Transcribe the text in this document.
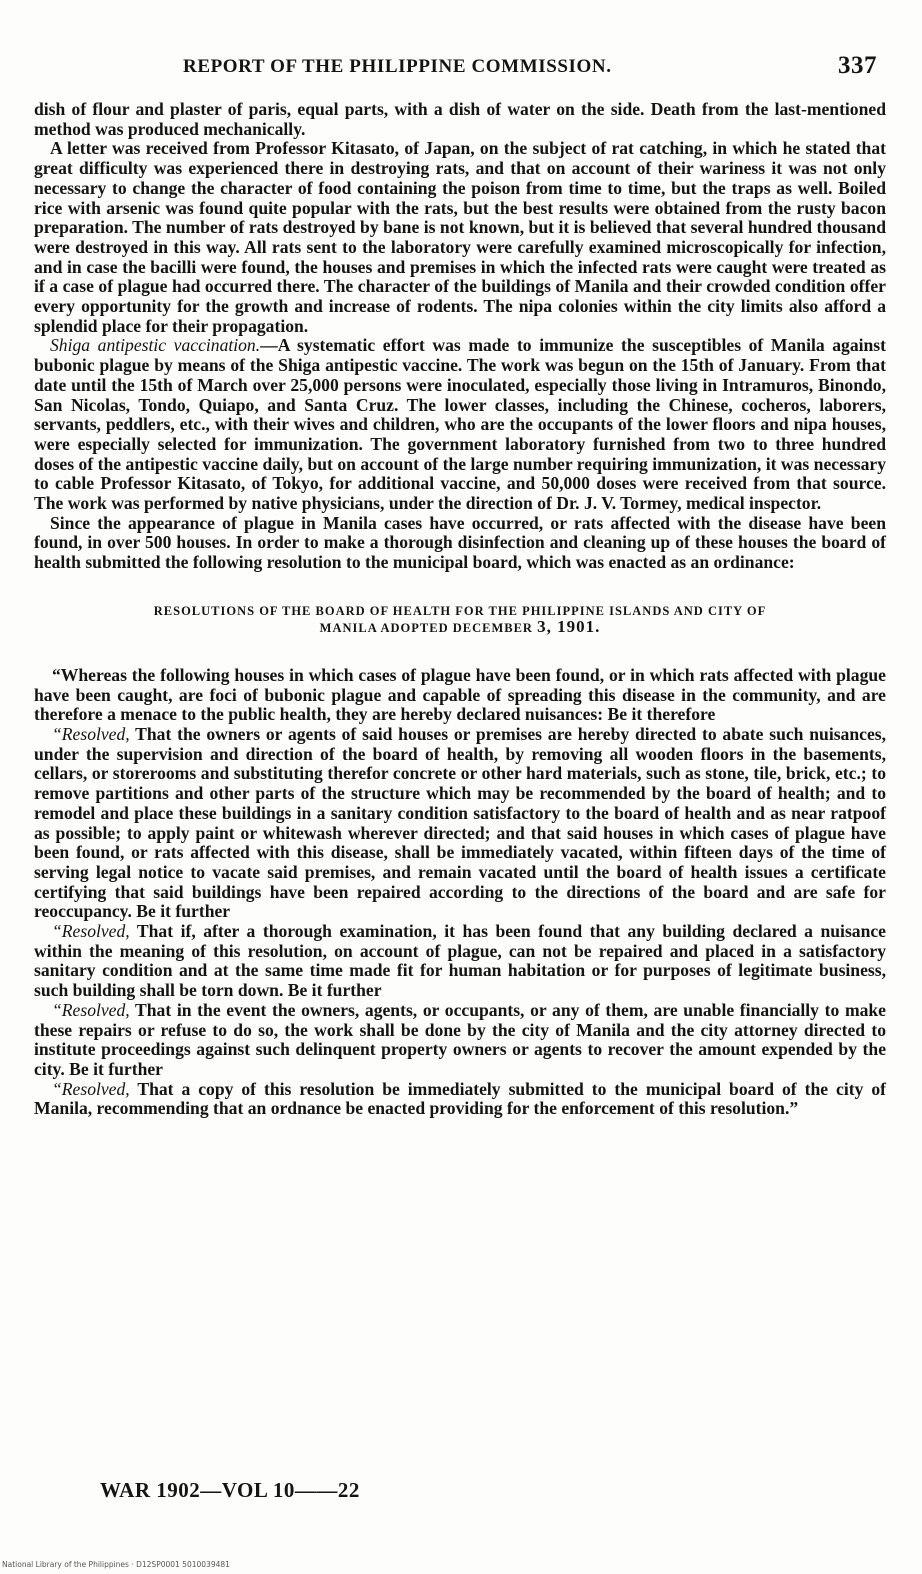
REPORT OF THE PHILIPPINE COMMISSION.	337

dish of flour and plaster of paris, equal parts, with a dish of water on the side. Death from the last-mentioned method was produced mechanically.

A letter was received from Professor Kitasato, of Japan, on the subject of rat catching, in which he stated that great difficulty was experienced there in destroying rats, and that on account of their wariness it was not only necessary to change the character of food containing the poison from time to time, but the traps as well. Boiled rice with arsenic was found quite popular with the rats, but the best results were obtained from the rusty bacon preparation. The number of rats destroyed by bane is not known, but it is believed that several hundred thousand were destroyed in this way. All rats sent to the laboratory were carefully examined microscopically for infection, and in case the bacilli were found, the houses and premises in which the infected rats were caught were treated as if a case of plague had occurred there. The character of the buildings of Manila and their crowded condition offer every opportunity for the growth and increase of rodents. The nipa colonies within the city limits also afford a splendid place for their propagation.

Shiga antipestic vaccination.—A systematic effort was made to immunize the susceptibles of Manila against bubonic plague by means of the Shiga antipestic vaccine. The work was begun on the 15th of January. From that date until the 15th of March over 25,000 persons were inoculated, especially those living in Intramuros, Binondo, San Nicolas, Tondo, Quiapo, and Santa Cruz. The lower classes, including the Chinese, cocheros, laborers, servants, peddlers, etc., with their wives and children, who are the occupants of the lower floors and nipa houses, were especially selected for immunization. The government laboratory furnished from two to three hundred doses of the antipestic vaccine daily, but on account of the large number requiring immunization, it was necessary to cable Professor Kitasato, of Tokyo, for additional vaccine, and 50,000 doses were received from that source. The work was performed by native physicians, under the direction of Dr. J. V. Tormey, medical inspector.

Since the appearance of plague in Manila cases have occurred, or rats affected with the disease have been found, in over 500 houses. In order to make a thorough disinfection and cleaning up of these houses the board of health submitted the following resolution to the municipal board, which was enacted as an ordinance:

RESOLUTIONS OF THE BOARD OF HEALTH FOR THE PHILIPPINE ISLANDS AND CITY OF
MANILA ADOPTED DECEMBER 3, 1901.

“Whereas the following houses in which cases of plague have been found, or in which rats affected with plague have been caught, are foci of bubonic plague and capable of spreading this disease in the community, and are therefore a menace to the public health, they are hereby declared nuisances: Be it therefore

“Resolved, That the owners or agents of said houses or premises are hereby directed to abate such nuisances, under the supervision and direction of the board of health, by removing all wooden floors in the basements, cellars, or storerooms and substituting therefor concrete or other hard materials, such as stone, tile, brick, etc.; to remove partitions and other parts of the structure which may be recommended by the board of health; and to remodel and place these buildings in a sanitary condition satisfactory to the board of health and as near ratpoof as possible; to apply paint or whitewash wherever directed; and that said houses in which cases of plague have been found, or rats affected with this disease, shall be immediately vacated, within fifteen days of the time of serving legal notice to vacate said premises, and remain vacated until the board of health issues a certificate certifying that said buildings have been repaired according to the directions of the board and are safe for reoccupancy. Be it further

“Resolved, That if, after a thorough examination, it has been found that any building declared a nuisance within the meaning of this resolution, on account of plague, can not be repaired and placed in a satisfactory sanitary condition and at the same time made fit for human habitation or for purposes of legitimate business, such building shall be torn down. Be it further

“Resolved, That in the event the owners, agents, or occupants, or any of them, are unable financially to make these repairs or refuse to do so, the work shall be done by the city of Manila and the city attorney directed to institute proceedings against such delinquent property owners or agents to recover the amount expended by the city. Be it further

“Resolved, That a copy of this resolution be immediately submitted to the municipal board of the city of Manila, recommending that an ordnance be enacted providing for the enforcement of this resolution.”

WAR 1902—VOL 10——22
National Library of the Philippines · D12SP0001 5010039481
